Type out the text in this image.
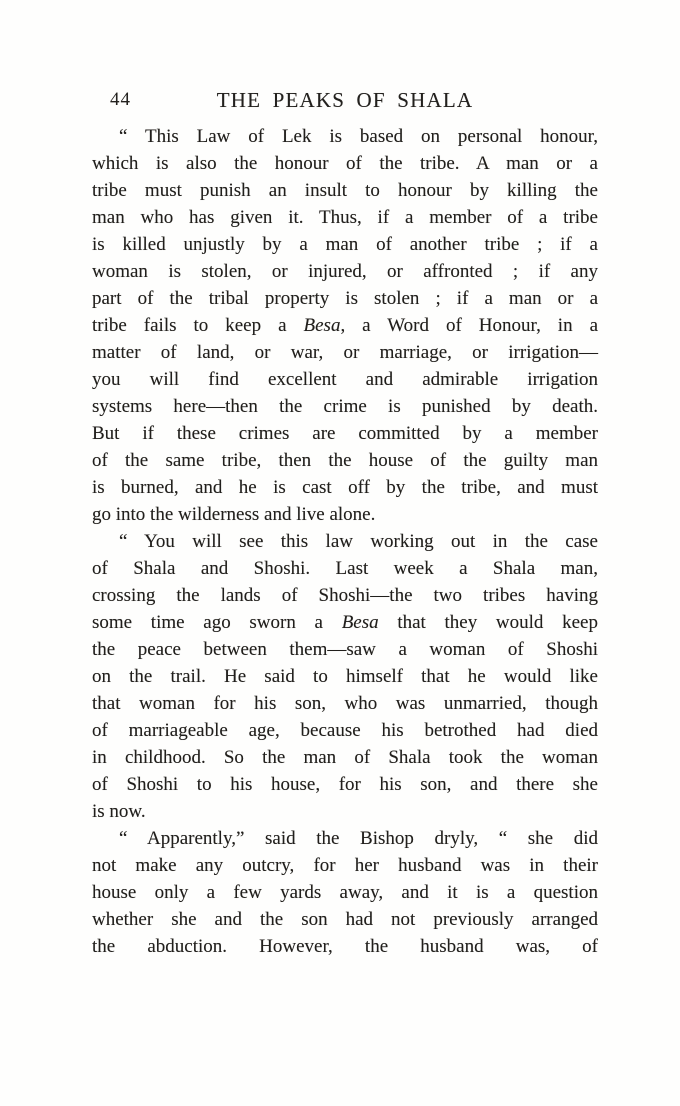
44	THE PEAKS OF SHALA
“ This Law of Lek is based on personal honour,
which is also the honour of the tribe. A man or a
tribe must punish an insult to honour by killing the
man who has given it. Thus, if a member of a tribe
is killed unjustly by a man of another tribe ; if a
woman is stolen, or injured, or affronted ; if any
part of the tribal property is stolen ; if a man or a
tribe fails to keep a Besa, a Word of Honour, in a
matter of land, or war, or marriage, or irrigation—
you will find excellent and admirable irrigation
systems here—then the crime is punished by death.
But if these crimes are committed by a member
of the same tribe, then the house of the guilty man
is burned, and he is cast off by the tribe, and must
go into the wilderness and live alone.
“ You will see this law working out in the case
of Shala and Shoshi. Last week a Shala man,
crossing the lands of Shoshi—the two tribes having
some time ago sworn a Besa that they would keep
the peace between them—saw a woman of Shoshi
on the trail. He said to himself that he would like
that woman for his son, who was unmarried, though
of marriageable age, because his betrothed had died
in childhood. So the man of Shala took the woman
of Shoshi to his house, for his son, and there she
is now.
“ Apparently,” said the Bishop dryly, “ she did
not make any outcry, for her husband was in their
house only a few yards away, and it is a question
whether she and the son had not previously arranged
the abduction. However, the husband was, of
